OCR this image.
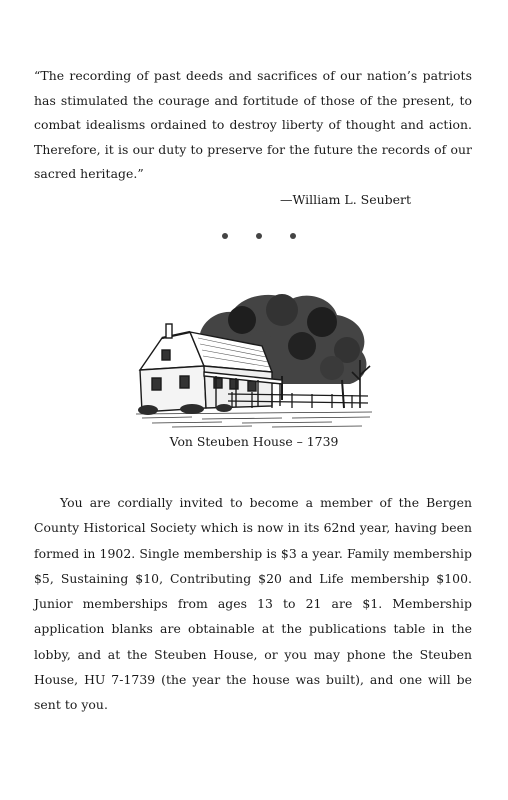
“The recording of past deeds and sacrifices of our nation’s patriots has stimulated the courage and fortitude of those of the present, to combat idealisms ordained to destroy liberty of thought and action. Therefore, it is our duty to preserve for the future the records of our sacred heritage.”

—William L. Seubert
Von Steuben House – 1739

You are cordially invited to become a member of the Bergen County Historical Society which is now in its 62nd year, having been formed in 1902. Single membership is $3 a year. Family membership $5, Sustaining $10, Contributing $20 and Life membership $100. Junior memberships from ages 13 to 21 are $1. Membership application blanks are obtainable at the publications table in the lobby, and at the Steuben House, or you may phone the Steuben House, HU 7-1739 (the year the house was built), and one will be sent to you.
